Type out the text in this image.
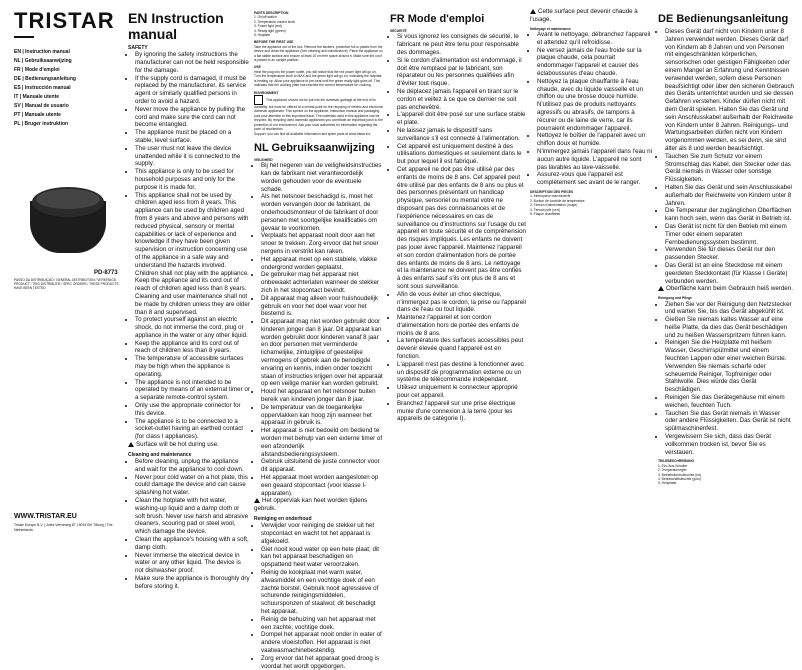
TRISTAR
EN | Instruction manual
NL | Gebruiksaanwijzing
FR | Mode d'emploi
DE | Bedienungsanleitung
ES | Instrucción manual
IT | Manuale utente
SV | Manual de usuario
PT | Manuale utente
PL | Bruger instruktion
PD-8773
PASSO DA DISTRIBUIÇÃO / GENERAL DISTRIBUTION / VEREENIGD PRODUCT / TRIG DISTRIBUTIE / SPEC ORDERS / THESE PRODUCTS HAVE BEEN TESTED
WWW.TRISTAR.EU
Tristar Europe B.V. | Jules Verneweg 87 | 5015 BH Tilburg | The Netherlands
EN Instruction manual
SAFETY
• By ignoring the safety instructions the manufacturer can not be held responsible for the damage.
• If the supply cord is damaged, it must be replaced by the manufacturer, its service agent or similarly qualified persons in order to avoid a hazard.
• Never move the appliance by pulling the cord and make sure the cord can not become entangled.
• The appliance must be placed on a stable, level surface.
• The user must not leave the device unattended while it is connected to the supply.
• This appliance is only to be used for household purposes and only for the purpose it is made for.
• This appliance shall not be used by children aged less from 8 years. This appliance can be used by children aged from 8 years and above and persons with reduced physical, sensory or mental capabilities or lack of experience and knowledge if they have been given supervision or instruction concerning use of the appliance in a safe way and understand the hazards involved. Children shall not play with the appliance. Keep the appliance and its cord out of reach of children aged less than 8 years. Cleaning and user maintenance shall not be made by children unless they are older than 8 and supervised.
• To protect yourself against an electric shock, do not immerse the cord, plug or appliance in the water or any other liquid.
• Keep the appliance and its cord out of reach of children less than 8 years.
• The temperature of accessible surfaces may be high when the appliance is operating.
• The appliance is not intended to be operated by means of an external timer or a separate remote-control system.
• Only use the appropriate connector for this device.
• The appliance is to be connected to a socket-outlet having an earthed contact (for class I appliances).

Surface will be hot during use.

Cleaning and maintenance
• Before cleaning, unplug the appliance and wait for the appliance to cool down.
• Never pour cold water on a hot plate, this could damage the device and can cause splashing hot water.
• Clean the hotplate with hot water, washing-up liquid and a damp cloth or soft brush. Never use harsh and abrasive cleaners, scouring pad or steel wool, which damage the device.
• Clean the appliance’s housing with a soft, damp cloth.
• Never immerse the electrical device in water or any other liquid. The device is not dishwasher proof.
• Make sure the appliance is thoroughly dry before storing it.
PARTS DESCRIPTION
1. On/off switch
2. Temperature control knob
3. Power light (red)
4. Ready light (green)
5. Hotplate
BEFORE THE FIRST USE

Take the appliance out of the box. Remove the stickers, protective foil or plastic from the device and clean the appliance (See cleaning and maintenance). Place the appliance on a flat stable surface and ensure at least 10 cm free space around it. Make sure the cord is placed in an upright position.

USE

Heat the plug into the power outlet, you will notice that the red power light will go on. Turn the temperature knob to MAX and the green light will go on, indicating the hotplate is heating up. Allow your appliance to pre-heat until the green ready light goes off. This indicates that the cooking plate has reached the correct temperature for cooking.

ENVIRONMENT

This appliance should not be put into the domestic garbage at the end of its durability, but must be offered at a central point for the recycling of electric and electronic domestic appliances. This symbol on the appliance, instruction manual and packaging puts your attention to this important issue. The materials used in this appliance can be recycled. By recycling used domestic appliances you contribute an important push to the protection of our environment. Ask your local authorities for information regarding the point of recollection.

Support: you can find all available information and spare parts at www.tristar.eu!

NL Gebruiksaanwijzing
VEILIGHEID
• Bij het negeren van de veiligheidsinstructies kan de fabrikant niet verantwoordelijk worden gehouden voor de eventuele schade.
• Als het netsnoer beschadigd is, moet het worden vervangen door de fabrikant, de onderhoudsmonteur of de fabrikant of door personen met soortgelijke kwalificaties om gevaar te voorkomen.
• Verplaats het apparaat nooit door aan het snoer te trekken. Zorg ervoor dat het snoer nergens in verstrikt kan raken.
• Het apparaat moet op een stabiele, vlakke ondergrond worden geplaatst.
• De gebruiker mag het apparaat niet onbewaakt achterlaten wanneer de stekker zich in het stopcontact bevindt.
• Dit apparaat mag alleen voor huishoudelijk gebruik en voor het doel waar voor het bestemd is.
• Dit apparaat mag niet worden gebruikt door kinderen jonger dan 8 jaar. Dit apparaat kan worden gebruikt door kinderen vanaf 8 jaar en door personen met verminderde lichamelijke, zintuiglijke of geestelijke vermogens of gebrek aan de benodigde ervaring en kennis, indien onder toezicht staan of instructies krijgen over het apparaat op een veilige manier kan worden gebruikt.
• Houd het apparaat en het netsnoer buiten bereik van kinderen jonger dan 8 jaar.
• De temperatuur van de toegankelijke oppervlakken kan hoog zijn wanneer het apparaat in gebruik is.
• Het apparaat is niet bedoeld om bediend te worden met behulp van een externe timer of een afzonderlijk afstandsbedieningssysteem.
• Gebruik uitsluitend de juiste connector voor dit apparaat.
• Het apparaat moet worden aangesloten op een geaard stopcontact (voor klasse I-apparaten).

Het oppervlak kan heet worden tijdens gebruik.

Reiniging en onderhoud
• Verwijder voor reiniging de stekker uit het stopcontact en wacht tot het apparaat is afgekoeld.
• Giet nooit koud water op een hete plaat; dit kan het apparaat beschadigen en opspattend heet water veroorzaken.
• Reinig de kookplaat met warm water, afwasmiddel en een vochtige doek of een zachte borstel. Gebruik nooit agressieve of schurende reinigingsmiddelen, schuursponzen of staalwol; dit beschadigt het apparaat.
• Reinig de behuizing van het apparaat met een zachte, vochtige doek.
• Dompel het apparaat nooit onder in water of andere vloeistoffen. Het apparaat is niet vaatwasmachinebestendig.
• Zorg ervoor dat het apparaat goed droog is voordat het wordt opgeborgen.
FR Mode d'emploi
SÉCURITÉ
• Si vous ignorez les consignes de sécurité, le fabricant ne peut être tenu pour responsable des dommages.
• Si le cordon d'alimentation est endommagé, il doit être remplacé par le fabricant, son réparateur ou les personnes qualifiées afin d'éviter tout risque.
• Ne déplacez jamais l'appareil en tirant sur le cordon et veillez à ce que ce dernier ne soit pas enchevêtré.
• L'appareil doit être posé sur une surface stable et plate.
• Ne laissez jamais le dispositif sans surveillance s'il est connecté à l'alimentation.
• Cet appareil est uniquement destiné à des utilisations domestiques et seulement dans le but pour lequel il est fabriqué.
• Cet appareil ne doit pas être utilisé par des enfants de moins de 8 ans. Cet appareil peut être utilisé par des enfants de 8 ans ou plus et des personnes présentant un handicap physique, sensoriel ou mental votre ne disposant pas des connaissances et de l'expérience nécessaires en cas de surveillance ou d'instructions sur l'usage du cet appareil en toute sécurité et de compréhension des risques impliqués. Les enfants ne doivent pas jouer avec l'appareil. Maintenez l'appareil et son cordon d'alimentation hors de portée des enfants de moins de 8 ans. Le nettoyage et la maintenance ne doivent pas être confiés à des enfants sauf s'ils ont plus de 8 ans et sont sous surveillance.
• Afin de vous éviter un choc électrique, n'immergez pas le cordon, la prise ou l'appareil dans de l'eau ou tout liquide.
• Maintenez l'appareil et son cordon d'alimentation hors de portée des enfants de moins de 8 ans.
• La température des surfaces accessibles peut devenir élevée quand l'appareil est en fonction.
• L'appareil n'est pas destiné à fonctionner avec un dispositif de programmation externe ou un système de télécommande indépendant.
• Utilisez uniquement le connecteur approprié pour cet appareil.
• Branchez l'appareil sur une prise électrique munie d'une connexion à la terre (pour les appareils de catégorie I).

Cette surface peut devenir chaude à l'usage.

Nettoyage et maintenance
• Avant le nettoyage, débranchez l'appareil et attendez qu'il refroidisse.
• Ne versez jamais de l'eau froide sur la plaque chaude, cela pourrait endommager l'appareil et causer des éclaboussures d'eau chaude.
• Nettoyez la plaque chauffante à l'eau chaude, avec du liquide vaisselle et un chiffon ou une brosse douce humide. N'utilisez pas de produits nettoyants agressifs ou abrasifs, de tampons à récurer ou de laine de verre, car ils pourraient endommager l'appareil.
• Nettoyez le boîtier de l'appareil avec un chiffon doux et humide.
• N'immergez jamais l'appareil dans l'eau ni aucun autre liquide. L'appareil ne sont pas lavables au lave-vaisselle.
• Assurez-vous que l'appareil est complètement sec avant de le ranger.
DESCRIPTION DES PIÈCES
1. Interrupteur marche/arrêt
2. Bouton de contrôle de température
3. Témoin d'alimentation (rouge)
4. Témoin prêt (vert)
5. Plaque chauffante
DE Bedienungsanleitung
• Dieses Gerät darf nicht von Kindern unter 8 Jahren verwendet werden. Dieses Gerät darf von Kindern ab 8 Jahren und von Personen mit eingeschränkten körperlichen, sensorischen oder geistigen Fähigkeiten oder einem Mangel an Erfahrung und Kenntnissen verwendet werden, sofern diese Personen beaufsichtigt oder über den sicheren Gebrauch des Geräts unterrichtet wurden und sie dessen Gefahren verstehen. Kinder dürfen nicht mit dem Gerät spielen. Halten Sie das Gerät und sein Anschlusskabel außerhalb der Reichweite von Kindern unter 8 Jahren. Reinigungs- und Wartungsarbeiten dürfen nicht von Kindern vorgenommen werden, es sei denn, sie sind älter als 8 und werden beaufsichtigt.
• Tauchen Sie zum Schutz vor einem Stromschlag das Kabel, den Stecker oder das Gerät niemals in Wasser oder sonstige Flüssigkeiten.
• Halten Sie das Gerät und sein Anschlusskabel außerhalb der Reichweite von Kindern unter 8 Jahren.
• Die Temperatur der zugänglichen Oberflächen kann hoch sein, wenn das Gerät in Betrieb ist.
• Das Gerät ist nicht für den Betrieb mit einem Timer oder einem separaten Fernbedienungssystem bestimmt.
• Verwenden Sie für dieses Gerät nur den passenden Stecker.
• Das Gerät ist an eine Steckdose mit einem geerdeten Steckkontakt (für Klasse I Geräte) verbunden werden.

Oberfläche kann beim Gebrauch heiß werden.

Reinigung und Pflege
• Ziehen Sie vor der Reinigung den Netzstecker und warten Sie, bis das Gerät abgekühlt ist.
• Gießen Sie niemals kaltes Wasser auf eine heiße Platte, da dies das Gerät beschädigen und zu heißen Wasserspritzern führen kann.
• Reinigen Sie die Heizplatte mit heißem Wasser, Geschirrspülmittel und einem feuchten Lappen oder einer weichen Bürste. Verwenden Sie niemals scharfe oder scheuernde Reiniger, Topfreiniger oder Stahlwolle. Dies würde das Gerät beschädigen.
• Reinigen Sie das Gerätegehäuse mit einem weichen, feuchten Tuch.
• Tauchen Sie das Gerät niemals in Wasser oder andere Flüssigkeiten. Das Gerät ist nicht spülmaschinenfest.
• Vergewissern Sie sich, dass das Gerät vollkommen trocken ist, bevor Sie es verstauen.
TEILEBESCHREIBUNG
1. Ein-/Aus-Schalter
2. Temperaturregler
3. Betriebskontrolleuchte (rot)
4. Bereitschaftsleuchte (grün)
5. Heizplatte
